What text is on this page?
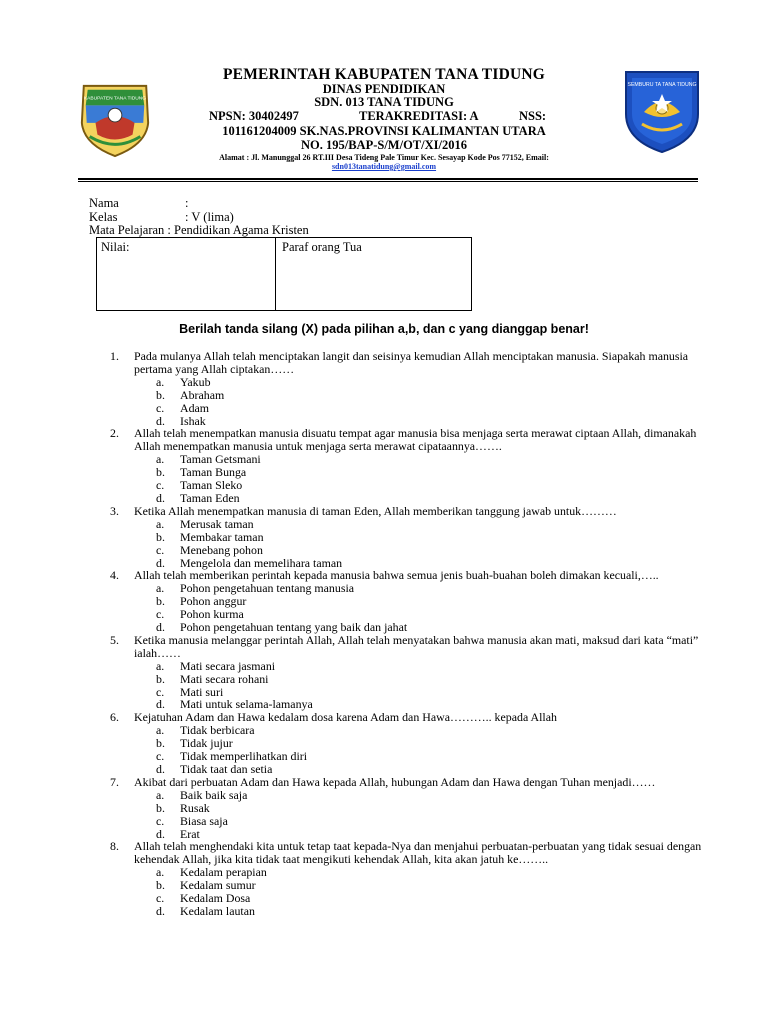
KABUPATEN TANA TIDUNG
SEMBURU TA TANA TIDUNG
PEMERINTAH KABUPATEN TANA TIDUNG
DINAS PENDIDIKAN
SDN. 013 TANA TIDUNG
NPSN: 30402497	TERAKREDITASI: A	NSS:
101161204009 SK.NAS.PROVINSI KALIMANTAN UTARA
NO. 195/BAP-S/M/OT/XI/2016
Alamat : Jl. Manunggal 26 RT.III Desa Tideng Pale Timur Kec. Sesayap Kode Pos 77152, Email:
sdn013tanatidung@gmail.com
Nama	:
Kelas	: V (lima)
Mata Pelajaran : Pendidikan Agama Kristen
Nilai:	Paraf orang Tua
Berilah tanda silang (X) pada pilihan a,b, dan c yang dianggap benar!
1. Pada mulanya Allah telah menciptakan langit dan seisinya kemudian Allah menciptakan manusia. Siapakah manusia pertama yang Allah ciptakan……
a. Yakub
b. Abraham
c. Adam
d. Ishak
2. Allah telah menempatkan manusia disuatu tempat agar manusia bisa menjaga serta merawat ciptaan Allah, dimanakah Allah menempatkan manusia untuk menjaga serta merawat cipataannya…….
a. Taman Getsmani
b. Taman Bunga
c. Taman Sleko
d. Taman Eden
3. Ketika Allah menempatkan manusia di taman Eden, Allah memberikan tanggung jawab untuk………
a. Merusak taman
b. Membakar taman
c. Menebang pohon
d. Mengelola dan memelihara taman
4. Allah telah memberikan perintah kepada manusia bahwa semua jenis buah-buahan boleh dimakan kecuali,…..
a. Pohon pengetahuan tentang manusia
b. Pohon anggur
c. Pohon kurma
d. Pohon pengetahuan tentang yang baik dan jahat
5. Ketika manusia melanggar perintah Allah, Allah telah menyatakan bahwa manusia akan mati, maksud dari kata “mati” ialah……
a. Mati secara jasmani
b. Mati secara rohani
c. Mati suri
d. Mati untuk selama-lamanya
6. Kejatuhan Adam dan Hawa kedalam dosa karena Adam dan Hawa……….. kepada Allah
a. Tidak berbicara
b. Tidak jujur
c. Tidak memperlihatkan diri
d. Tidak taat dan setia
7. Akibat dari perbuatan Adam dan Hawa kepada Allah, hubungan Adam dan Hawa dengan Tuhan menjadi……
a. Baik baik saja
b. Rusak
c. Biasa saja
d. Erat
8. Allah telah menghendaki kita untuk tetap taat kepada-Nya dan menjahui perbuatan-perbuatan yang tidak sesuai dengan kehendak Allah, jika kita tidak taat mengikuti kehendak Allah, kita akan jatuh ke……..
a. Kedalam perapian
b. Kedalam sumur
c. Kedalam Dosa
d. Kedalam lautan
